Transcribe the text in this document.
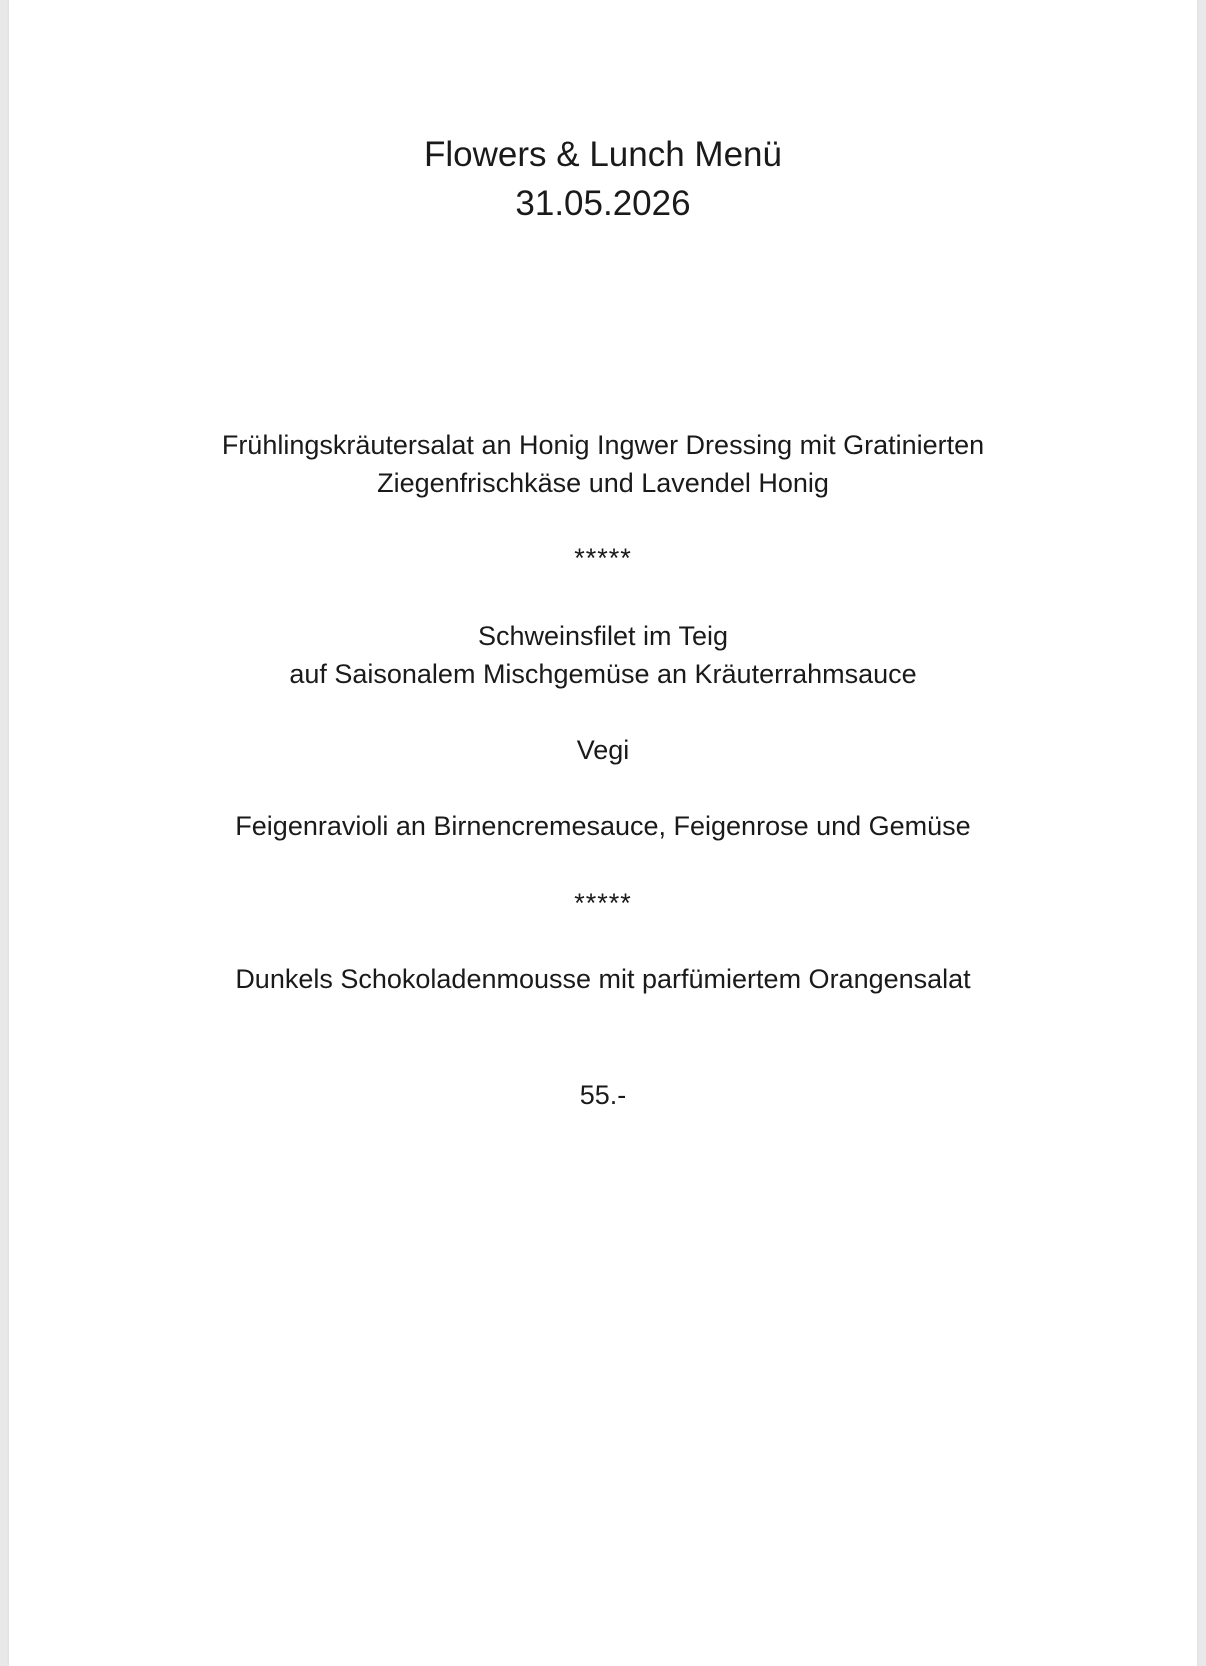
Flowers & Lunch Menü
31.05.2026
Frühlingskräutersalat an Honig Ingwer Dressing mit Gratinierten
Ziegenfrischkäse und Lavendel Honig
*****
Schweinsfilet im Teig
auf Saisonalem Mischgemüse an Kräuterrahmsauce
Vegi
Feigenravioli an Birnencremesauce, Feigenrose und Gemüse
*****
Dunkels Schokoladenmousse mit parfümiertem Orangensalat
55.-
